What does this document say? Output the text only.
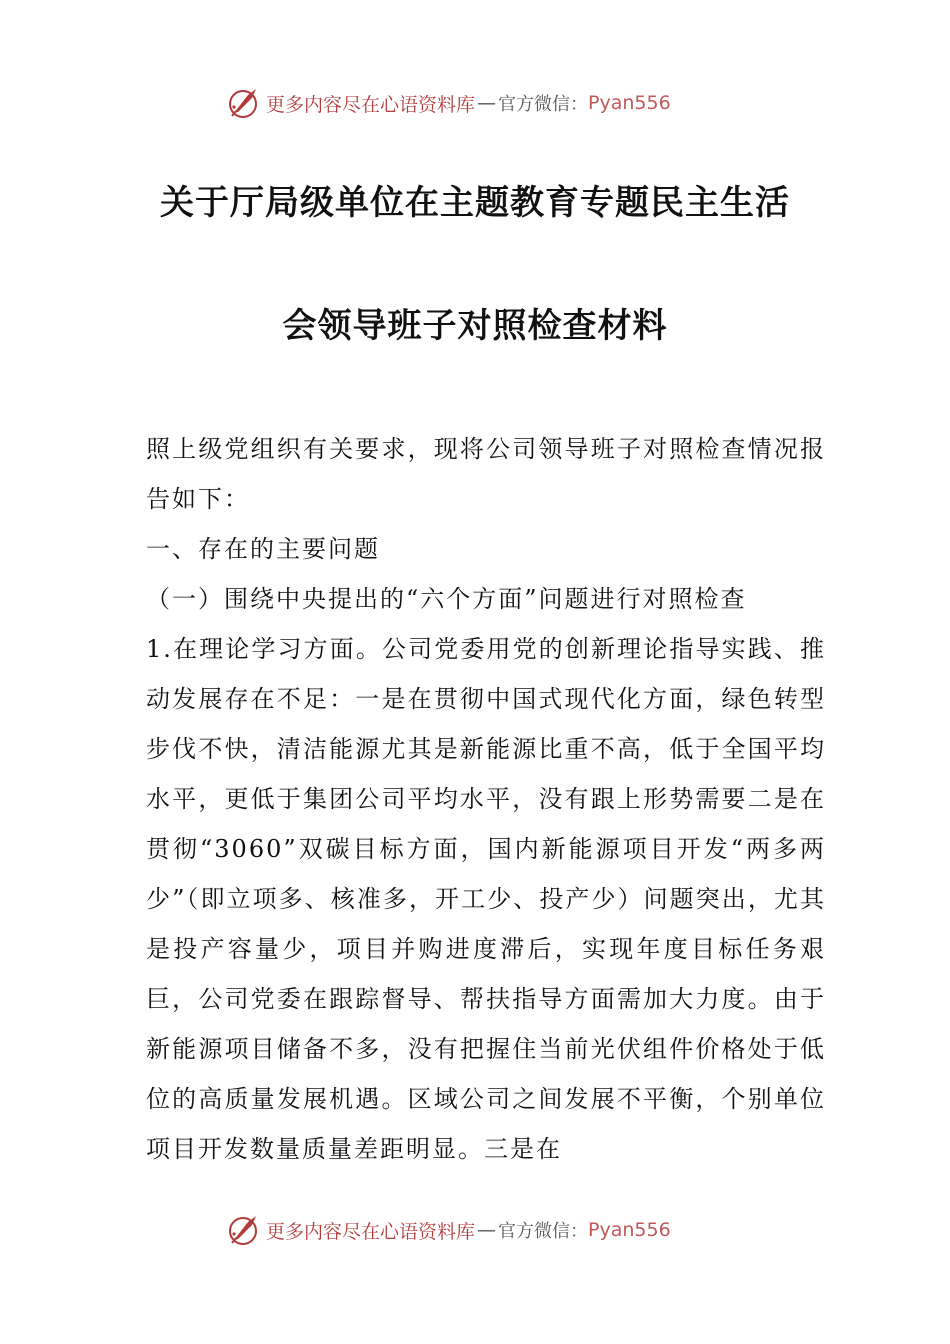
更多内容尽在心语资料库 — 官方微信： Pyan556
关于厅局级单位在主题教育专题民主生活
会领导班子对照检查材料

照上级党组织有关要求，现将公司领导班子对照检查情况报告如下：

一、存在的主要问题

（一）围绕中央提出的“六个方面”问题进行对照检查

1.在理论学习方面。公司党委用党的创新理论指导实践、推动发展存在不足：一是在贯彻中国式现代化方面，绿色转型步伐不快，清洁能源尤其是新能源比重不高，低于全国平均水平，更低于集团公司平均水平，没有跟上形势需要二是在贯彻“3060”双碳目标方面，国内新能源项目开发“两多两少”（即立项多、核准多，开工少、投产少）问题突出，尤其是投产容量少，项目并购进度滞后，实现年度目标任务艰巨，公司党委在跟踪督导、帮扶指导方面需加大力度。由于新能源项目储备不多，没有把握住当前光伏组件价格处于低位的高质量发展机遇。区域公司之间发展不平衡，个别单位项目开发数量质量差距明显。三是在

更多内容尽在心语资料库 — 官方微信： Pyan556
